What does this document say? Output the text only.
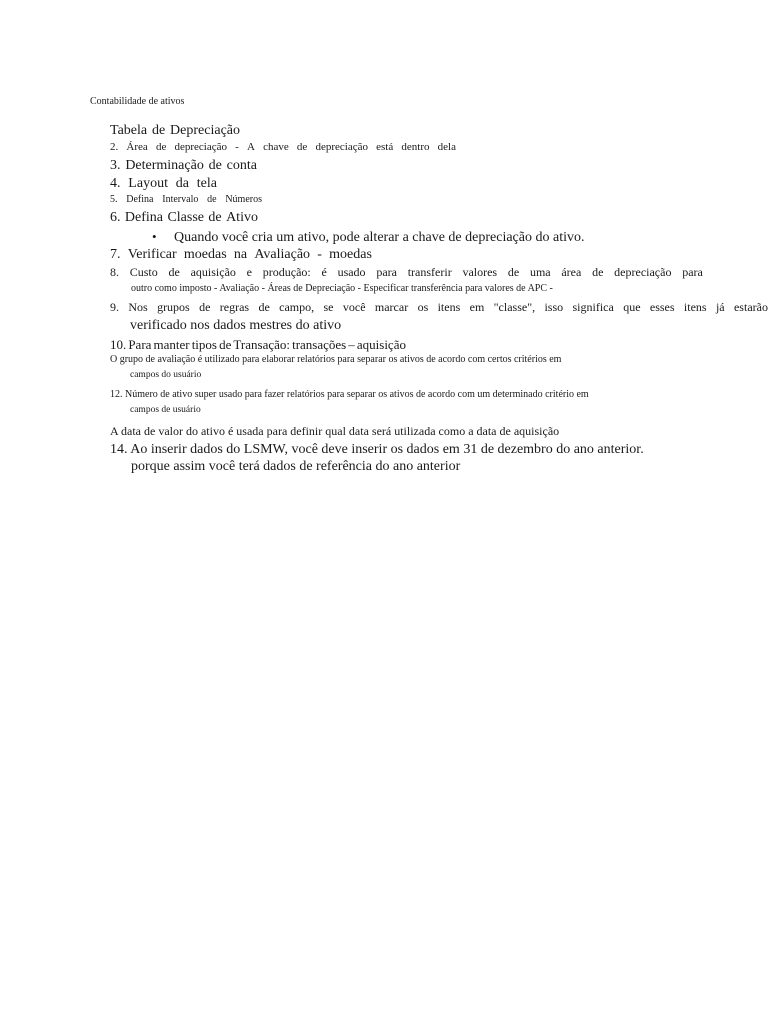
Contabilidade de ativos
Tabela de Depreciação
2. Área de depreciação - A chave de depreciação está dentro dela
3. Determinação de conta
4. Layout da tela
5. Defina Intervalo de Números
6. Defina Classe de Ativo
• Quando você cria um ativo, pode alterar a chave de depreciação do ativo.
7. Verificar moedas na Avaliação - moedas
8. Custo de aquisição e produção: é usado para transferir valores de uma área de depreciação para
outro como imposto - Avaliação - Áreas de Depreciação - Especificar transferência para valores de APC -
9. Nos grupos de regras de campo, se você marcar os itens em "classe", isso significa que esses itens já estarão
verificado nos dados mestres do ativo
10. Para manter tipos de Transação: transações – aquisição
O grupo de avaliação é utilizado para elaborar relatórios para separar os ativos de acordo com certos critérios em
campos do usuário
12. Número de ativo super usado para fazer relatórios para separar os ativos de acordo com um determinado critério em
campos de usuário
A data de valor do ativo é usada para definir qual data será utilizada como a data de aquisição
14. Ao inserir dados do LSMW, você deve inserir os dados em 31 de dezembro do ano anterior.
porque assim você terá dados de referência do ano anterior
